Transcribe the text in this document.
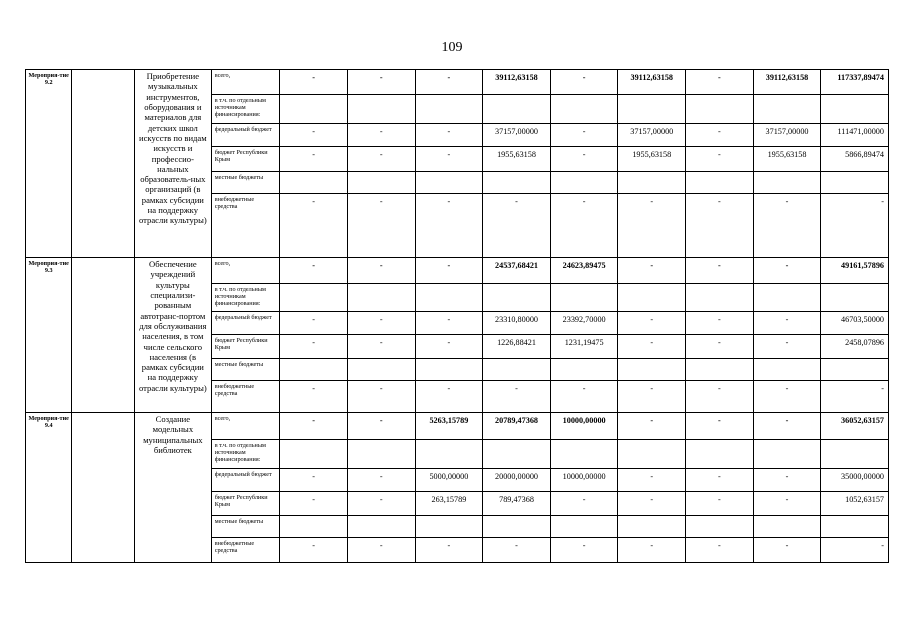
109
Мероприя-тие 9.2		Приобретение музыкальных инструментов, оборудования и материалов для детских школ искусств по видам искусств и профессио-нальных образователь-ных организаций (в рамках субсидии на поддержку отрасли культуры)	всего,	-	-	-	39112,63158	-	39112,63158	-	39112,63158	117337,89474
			в т.ч. по отдельным источникам финансирования:									
			федеральный бюджет	-	-	-	37157,00000	-	37157,00000	-	37157,00000	111471,00000
			бюджет Республики Крым	-	-	-	1955,63158	-	1955,63158	-	1955,63158	5866,89474
			местные бюджеты									
			внебюджетные средства	-	-	-	-	-	-	-	-	-
Мероприя-тие 9.3		Обеспечение учреждений культуры специализи-рованным автотранс-портом для обслуживания населения, в том числе сельского населения (в рамках субсидии на поддержку отрасли культуры)	всего,	-	-	-	24537,68421	24623,89475	-	-	-	49161,57896
			в т.ч. по отдельным источникам финансирования:									
			федеральный бюджет	-	-	-	23310,80000	23392,70000	-	-	-	46703,50000
			бюджет Республики Крым	-	-	-	1226,88421	1231,19475	-	-	-	2458,07896
			местные бюджеты									
			внебюджетные средства	-	-	-	-	-	-	-	-	-
Мероприя-тие 9.4		Создание модельных муниципальных библиотек	всего,	-	-	5263,15789	20789,47368	10000,00000	-	-	-	36052,63157
			в т.ч. по отдельным источникам финансирования:									
			федеральный бюджет	-	-	5000,00000	20000,00000	10000,00000	-	-	-	35000,00000
			бюджет Республики Крым	-	-	263,15789	789,47368	-	-	-	-	1052,63157
			местные бюджеты									
			внебюджетные средства	-	-	-	-	-	-	-	-	-
